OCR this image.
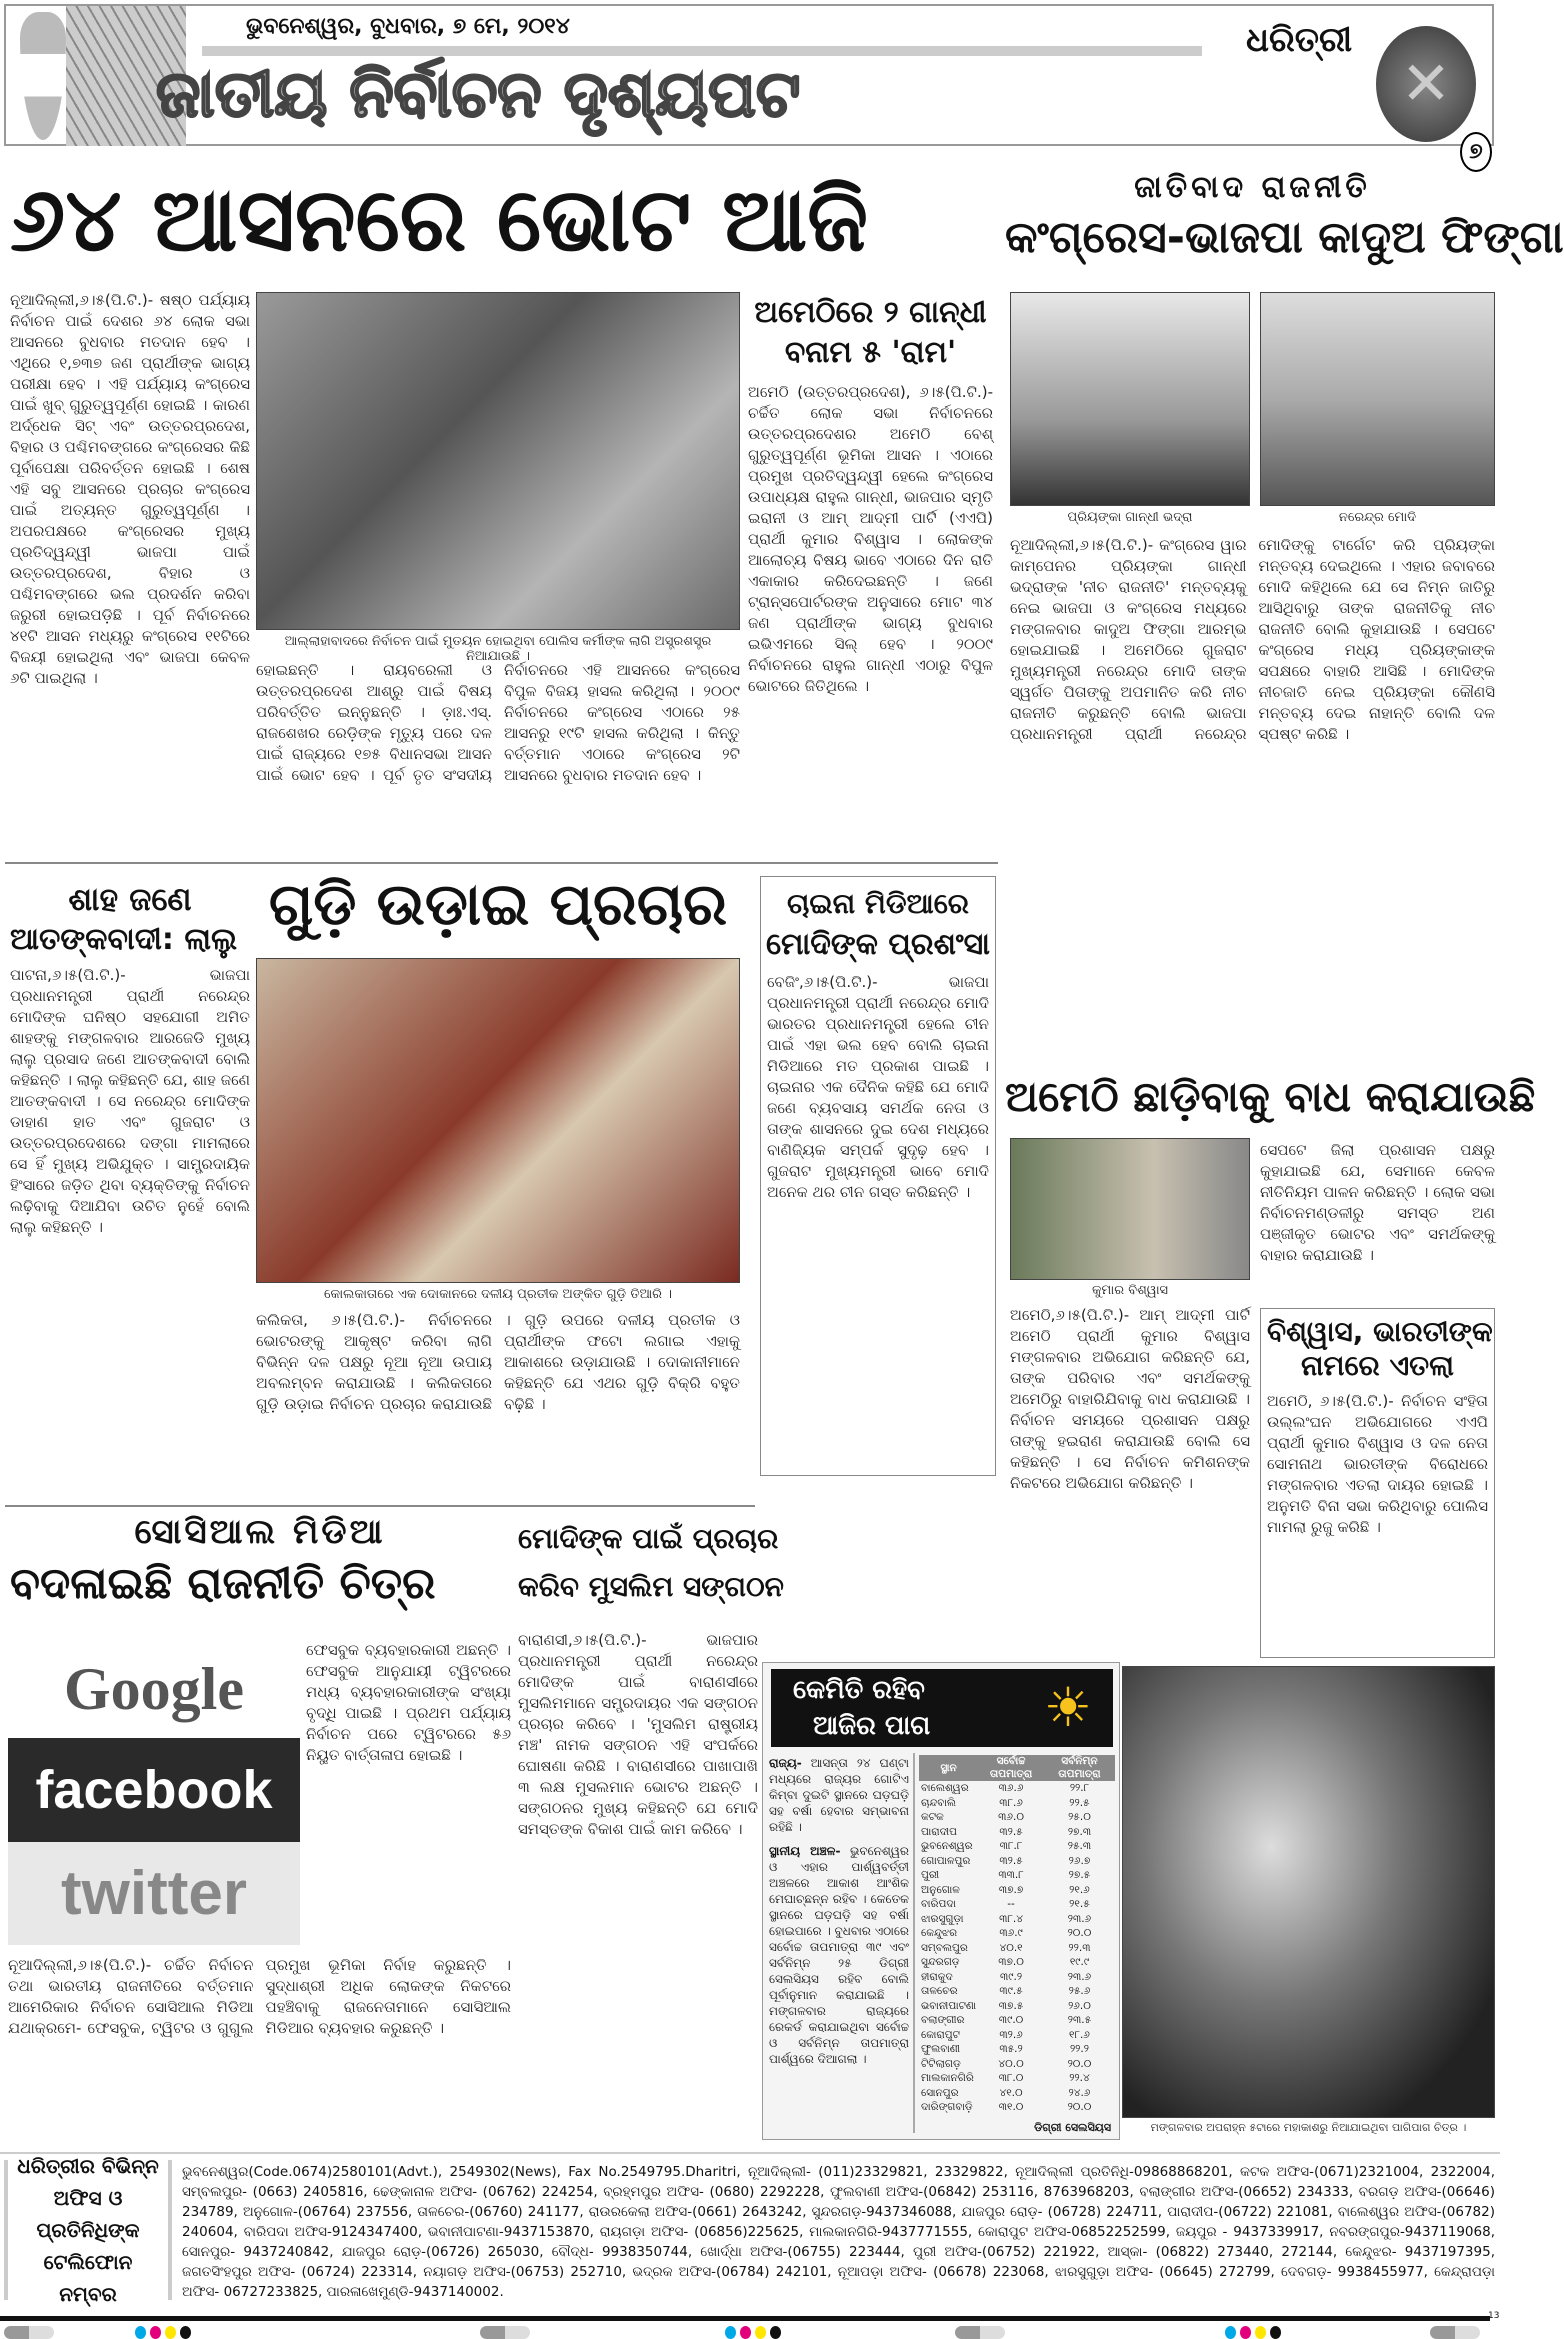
ଭୁବନେଶ୍ୱର, ବୁଧବାର, ୭ ମେ, ୨୦୧୪
ଜାତୀୟ ନିର୍ବାଚନ ଦୃଶ୍ୟପଟ
ଧରିତ୍ରୀ
✕
୭
୬୪ ଆସନରେ ଭୋଟ ଆଜି
ନୂଆଦିଲ୍ଲୀ,୬।୫(ପି.ଟି.)- ଷଷ୍ଠ ପର୍ଯ୍ୟାୟ ନିର୍ବାଚନ ପାଇଁ ଦେଶର ୬୪ ଲୋକ ସଭା ଆସନରେ ବୁଧବାର ମତଦାନ ହେବ । ଏଥିରେ ୧,୭୩୭ ଜଣ ପ୍ରାର୍ଥୀଙ୍କ ଭାଗ୍ୟ ପରୀକ୍ଷା ହେବ । ଏହି ପର୍ଯ୍ୟାୟ କଂଗ୍ରେସ ପାଇଁ ଖୁବ୍ ଗୁରୁତ୍ୱପୂର୍ଣ୍ଣ ହୋଇଛି । କାରଣ ଅର୍ଦ୍ଧେକ ସିଟ୍ ଏବଂ ଉତ୍ତରପ୍ରଦେଶ, ବିହାର ଓ ପଶ୍ଚିମବଙ୍ଗରେ କଂଗ୍ରେସର କିଛି ପୂର୍ବାପେକ୍ଷା ପରିବର୍ତ୍ତନ ହୋଇଛି । ଶେଷ ଏହି ସବୁ ଆସନରେ ପ୍ରଚାର କଂଗ୍ରେସ ପାଇଁ ଅତ୍ୟନ୍ତ ଗୁରୁତ୍ୱପୂର୍ଣ୍ଣ । ଅପରପକ୍ଷରେ କଂଗ୍ରେସର ମୁଖ୍ୟ ପ୍ରତିଦ୍ୱନ୍ଦ୍ୱୀ ଭାଜପା ପାଇଁ ଉତ୍ତରପ୍ରଦେଶ, ବିହାର ଓ ପଶ୍ଚିମବଙ୍ଗରେ ଭଲ ପ୍ରଦର୍ଶନ କରିବା ଜରୁରୀ ହୋଇପଡ଼ିଛି । ପୂର୍ବ ନିର୍ବାଚନରେ ୪୧ଟି ଆସନ ମଧ୍ୟରୁ କଂଗ୍ରେସ ୧୧ଟିରେ ବିଜୟୀ ହୋଇଥିଲା ଏବଂ ଭାଜପା କେବଳ ୬ଟି ପାଇଥିଲା ।
ଆଲ୍ଲାହାବାଦରେ ନିର୍ବାଚନ ପାଇଁ ମୁତୟନ ହୋଇଥିବା ପୋଲିସ କର୍ମୀଙ୍କ ଲାଗି ଅସ୍ତ୍ରଶସ୍ତ୍ର ନିଆଯାଉଛି ।
ହୋଇଛନ୍ତି । ରାୟବରେଲୀ ଓ ଉତ୍ତରପ୍ରଦେଶ ଆଶ୍ରୁ ପାଇଁ ବିଷୟ ପରିବର୍ତ୍ତିତ ଇନ୍ନୁଛନ୍ତି । ଡ଼ାଃ.ଏସ୍. ରାଜଶେଖର ରେଡ଼ିଙ୍କ ମୃତ୍ୟୁ ପରେ ଦଳ ପାଇଁ ରାଜ୍ୟରେ ୧୭୫ ବିଧାନସଭା ଆସନ ପାଇଁ ଭୋଟ ହେବ । ପୂର୍ବ ତୃତ ସଂସଦୀୟ ନିର୍ବାଚନରେ ଏହି ଆସନରେ କଂଗ୍ରେସ ବିପୁଳ ବିଜୟ ହାସଲ କରିଥିଲା । ୨୦୦୯ ନିର୍ବାଚନରେ କଂଗ୍ରେସ ଏଠାରେ ୨୫ ଆସନରୁ ୧୯ଟି ହାସଲ କରିଥିଲା । କିନ୍ତୁ ବର୍ତ୍ତମାନ ଏଠାରେ କଂଗ୍ରେସ ୨ଟି ଆସନରେ ବୁଧବାର ମତଦାନ ହେବ ।
ଅମେଠିରେ ୨ ଗାନ୍ଧୀ
ବନାମ ୫ 'ରାମ'
ଅମେଠି (ଉତ୍ତରପ୍ରଦେଶ), ୬।୫(ପି.ଟି.)- ଚର୍ଚ୍ଚିତ ଲୋକ ସଭା ନିର୍ବାଚନରେ ଉତ୍ତରପ୍ରଦେଶର ଅମେଠି ବେଶ୍ ଗୁରୁତ୍ୱପୂର୍ଣ୍ଣ ଭୂମିକା ଆସନ । ଏଠାରେ ପ୍ରମୁଖ ପ୍ରତିଦ୍ୱନ୍ଦ୍ୱୀ ହେଲେ କଂଗ୍ରେସ ଉପାଧ୍ୟକ୍ଷ ରାହୁଲ ଗାନ୍ଧୀ, ଭାଜପାର ସ୍ମୃତି ଇରାନୀ ଓ ଆମ୍ ଆଦ୍ମୀ ପାର୍ଟି (ଏଏପି) ପ୍ରାର୍ଥୀ କୁମାର ବିଶ୍ୱାସ । ଲୋକଙ୍କ ଆଲୋଚ୍ୟ ବିଷୟ ଭାବେ ଏଠାରେ ଦିନ ରାତି ଏକାକାର କରିଦେଇଛନ୍ତି । ଜଣେ ଟ୍ରାନ୍ସପୋର୍ଟରଙ୍କ ଅନୁସାରେ ମୋଟ ୩୪ ଜଣ ପ୍ରାର୍ଥୀଙ୍କ ଭାଗ୍ୟ ବୁଧବାର ଇଭିଏମରେ ସିଲ୍ ହେବ । ୨୦୦୯ ନିର୍ବାଚନରେ ରାହୁଲ ଗାନ୍ଧୀ ଏଠାରୁ ବିପୁଳ ଭୋଟରେ ଜିତିଥିଲେ ।
ଜାତିବାଦ ରାଜନୀତି
କଂଗ୍ରେସ-ଭାଜପା କାଦୁଅ ଫିଙ୍ଗା
ପ୍ରିୟଙ୍କା ଗାନ୍ଧୀ ଭଦ୍ରା	ନରେନ୍ଦ୍ର ମୋଦି
ନୂଆଦିଲ୍ଲୀ,୬।୫(ପି.ଟି.)- କଂଗ୍ରେସ ୱାର କାମ୍ପେନର ପ୍ରିୟଙ୍କା ଗାନ୍ଧୀ ଭଦ୍ରାଙ୍କ 'ନୀଚ ରାଜନୀତି' ମନ୍ତବ୍ୟକୁ ନେଇ ଭାଜପା ଓ କଂଗ୍ରେସ ମଧ୍ୟରେ ମଙ୍ଗଳବାର କାଦୁଅ ଫିଙ୍ଗା ଆରମ୍ଭ ହୋଇଯାଇଛି । ଅମେଠିରେ ଗୁଜରାଟ ମୁଖ୍ୟମନ୍ତ୍ରୀ ନରେନ୍ଦ୍ର ମୋଦି ତାଙ୍କ ସ୍ୱର୍ଗତ ପିତାଙ୍କୁ ଅପମାନିତ କରି ନୀଚ ରାଜନୀତି କରୁଛନ୍ତି ବୋଲି ଭାଜପା ପ୍ରଧାନମନ୍ତ୍ରୀ ପ୍ରାର୍ଥୀ ନରେନ୍ଦ୍ର ମୋଦିଙ୍କୁ ଟାର୍ଗେଟ କରି ପ୍ରିୟଙ୍କା ମନ୍ତବ୍ୟ ଦେଇଥିଲେ । ଏହାର ଜବାବରେ ମୋଦି କହିଥିଲେ ଯେ ସେ ନିମ୍ନ ଜାତିରୁ ଆସିଥିବାରୁ ତାଙ୍କ ରାଜନୀତିକୁ ନୀଚ ରାଜନୀତି ବୋଲି କୁହାଯାଉଛି । ସେପଟେ କଂଗ୍ରେସ ମଧ୍ୟ ପ୍ରିୟଙ୍କାଙ୍କ ସପକ୍ଷରେ ବାହାରି ଆସିଛି । ମୋଦିଙ୍କ ନୀଚଜାତି ନେଇ ପ୍ରିୟଙ୍କା କୌଣସି ମନ୍ତବ୍ୟ ଦେଇ ନାହାନ୍ତି ବୋଲି ଦଳ ସ୍ପଷ୍ଟ କରିଛି ।
ଶାହ ଜଣେ
ଆତଙ୍କବାଦୀ: ଲାଲୁ
ପାଟନା,୬।୫(ପି.ଟି.)- ଭାଜପା ପ୍ରଧାନମନ୍ତ୍ରୀ ପ୍ରାର୍ଥୀ ନରେନ୍ଦ୍ର ମୋଦିଙ୍କ ଘନିଷ୍ଠ ସହଯୋଗୀ ଅମିତ ଶାହଙ୍କୁ ମଙ୍ଗଳବାର ଆରଜେଡି ମୁଖ୍ୟ ଲାଲୁ ପ୍ରସାଦ ଜଣେ ଆତଙ୍କବାଦୀ ବୋଲି କହିଛନ୍ତି । ଲାଲୁ କହିଛନ୍ତି ଯେ, ଶାହ ଜଣେ ଆତଙ୍କବାଦୀ । ସେ ନରେନ୍ଦ୍ର ମୋଦିଙ୍କ ଡାହାଣ ହାତ ଏବଂ ଗୁଜରାଟ ଓ ଉତ୍ତରପ୍ରଦେଶରେ ଦଙ୍ଗା ମାମଲାରେ ସେ ହିଁ ମୁଖ୍ୟ ଅଭିଯୁକ୍ତ । ସାମ୍ପ୍ରଦାୟିକ ହିଂସାରେ ଜଡ଼ିତ ଥିବା ବ୍ୟକ୍ତିଙ୍କୁ ନିର୍ବାଚନ ଲଢ଼ିବାକୁ ଦିଆଯିବା ଉଚିତ ନୁହେଁ ବୋଲି ଲାଲୁ କହିଛନ୍ତି ।
ଗୁଡ଼ି ଉଡ଼ାଇ ପ୍ରଚାର
କୋଲକାତାରେ ଏକ ଦୋକାନରେ ଦଳୀୟ ପ୍ରତୀକ ଅଙ୍କିତ ଗୁଡ଼ି ତିଆରି ।
କଲିକତା, ୬।୫(ପି.ଟି.)- ନିର୍ବାଚନରେ ଭୋଟରଙ୍କୁ ଆକୃଷ୍ଟ କରିବା ଲାଗି ବିଭିନ୍ନ ଦଳ ପକ୍ଷରୁ ନୂଆ ନୂଆ ଉପାୟ ଅବଲମ୍ବନ କରାଯାଉଛି । କଲିକତାରେ ଗୁଡ଼ି ଉଡ଼ାଇ ନିର୍ବାଚନ ପ୍ରଚାର କରାଯାଉଛି । ଗୁଡ଼ି ଉପରେ ଦଳୀୟ ପ୍ରତୀକ ଓ ପ୍ରାର୍ଥୀଙ୍କ ଫଟୋ ଲଗାଇ ଏହାକୁ ଆକାଶରେ ଉଡ଼ାଯାଉଛି । ଦୋକାନୀମାନେ କହିଛନ୍ତି ଯେ ଏଥର ଗୁଡ଼ି ବିକ୍ରି ବହୁତ ବଢ଼ିଛି ।
ଚାଇନା ମିଡିଆରେ
ମୋଦିଙ୍କ ପ୍ରଶଂସା
ବେଜିଂ,୬।୫(ପି.ଟି.)- ଭାଜପା ପ୍ରଧାନମନ୍ତ୍ରୀ ପ୍ରାର୍ଥୀ ନରେନ୍ଦ୍ର ମୋଦି ଭାରତର ପ୍ରଧାନମନ୍ତ୍ରୀ ହେଲେ ଚୀନ ପାଇଁ ଏହା ଭଲ ହେବ ବୋଲି ଚାଇନା ମିଡିଆରେ ମତ ପ୍ରକାଶ ପାଇଛି । ଚାଇନାର ଏକ ଦୈନିକ କହିଛି ଯେ ମୋଦି ଜଣେ ବ୍ୟବସାୟ ସମର୍ଥକ ନେତା ଓ ତାଙ୍କ ଶାସନରେ ଦୁଇ ଦେଶ ମଧ୍ୟରେ ବାଣିଜ୍ୟିକ ସମ୍ପର୍କ ସୁଦୃଢ଼ ହେବ । ଗୁଜରାଟ ମୁଖ୍ୟମନ୍ତ୍ରୀ ଭାବେ ମୋଦି ଅନେକ ଥର ଚୀନ ଗସ୍ତ କରିଛନ୍ତି ।
ଅମେଠି ଛାଡ଼ିବାକୁ ବାଧ କରାଯାଉଛି
କୁମାର ବିଶ୍ୱାସ
ସେପଟେ ଜିଲା ପ୍ରଶାସନ ପକ୍ଷରୁ କୁହାଯାଇଛି ଯେ, ସେମାନେ କେବଳ ନୀତିନିୟମ ପାଳନ କରିଛନ୍ତି । ଲୋକ ସଭା ନିର୍ବାଚନମଣ୍ଡଳୀରୁ ସମସ୍ତ ଅଣ ପଞ୍ଜୀକୃତ ଭୋଟର ଏବଂ ସମର୍ଥକଙ୍କୁ ବାହାର କରାଯାଉଛି ।
ଅମେଠି,୬।୫(ପି.ଟି.)- ଆମ୍ ଆଦ୍ମୀ ପାର୍ଟି ଅମେଠି ପ୍ରାର୍ଥୀ କୁମାର ବିଶ୍ୱାସ ମଙ୍ଗଳବାର ଅଭିଯୋଗ କରିଛନ୍ତି ଯେ, ତାଙ୍କ ପରିବାର ଏବଂ ସମର୍ଥକଙ୍କୁ ଅମେଠିରୁ ବାହାରିଯିବାକୁ ବାଧ କରାଯାଉଛି । ନିର୍ବାଚନ ସମୟରେ ପ୍ରଶାସନ ପକ୍ଷରୁ ତାଙ୍କୁ ହଇରାଣ କରାଯାଉଛି ବୋଲି ସେ କହିଛନ୍ତି । ସେ ନିର୍ବାଚନ କମିଶନଙ୍କ ନିକଟରେ ଅଭିଯୋଗ କରିଛନ୍ତି ।
ବିଶ୍ୱାସ, ଭାରତୀଙ୍କ
ନାମରେ ଏତଲା
ଅମେଠି, ୬।୫(ପି.ଟି.)- ନିର୍ବାଚନ ସଂହିତା ଉଲ୍ଲଂଘନ ଅଭିଯୋଗରେ ଏଏପି ପ୍ରାର୍ଥୀ କୁମାର ବିଶ୍ୱାସ ଓ ଦଳ ନେତା ସୋମନାଥ ଭାରତୀଙ୍କ ବିରୋଧରେ ମଙ୍ଗଳବାର ଏତଲା ଦାୟର ହୋଇଛି । ଅନୁମତି ବିନା ସଭା କରିଥିବାରୁ ପୋଲିସ ମାମଲା ରୁଜୁ କରିଛି ।
ସୋସିଆଲ ମିଡିଆ
ବଦଳାଇଛି ରାଜନୀତି ଚିତ୍ର
Google
facebook
twitter
ଫେସବୁକ ବ୍ୟବହାରକାରୀ ଅଛନ୍ତି । ଫେସବୁକ ଆନୁଯାୟୀ ଟ୍ୱିଟରରେ ମଧ୍ୟ ବ୍ୟବହାରକାରୀଙ୍କ ସଂଖ୍ୟା ବୃଦ୍ଧି ପାଇଛି । ପ୍ରଥମ ପର୍ଯ୍ୟାୟ ନିର୍ବାଚନ ପରେ ଟ୍ୱିଟରରେ ୫୬ ନିୟୁତ ବାର୍ତ୍ତାଳାପ ହୋଇଛି ।
ନୂଆଦିଲ୍ଲୀ,୬।୫(ପି.ଟି.)- ଚର୍ଚ୍ଚିତ ନିର୍ବାଚନ ତଥା ଭାରତୀୟ ରାଜନୀତିରେ ବର୍ତ୍ତମାନ ଆମେରିକାର ନିର୍ବାଚନ ସୋସିଆଲ ମିଡିଆ ଯଥାକ୍ରମେ- ଫେସବୁକ, ଟ୍ୱିଟର ଓ ଗୁଗୁଲ ପ୍ରମୁଖ ଭୂମିକା ନିର୍ବାହ କରୁଛନ୍ତି । ସୁଦ୍ଧାଶ୍ରୀ ଅଧିକ ଲୋକଙ୍କ ନିକଟରେ ପହଞ୍ଚିବାକୁ ରାଜନେତାମାନେ ସୋସିଆଲ ମିଡିଆର ବ୍ୟବହାର କରୁଛନ୍ତି ।
ମୋଦିଙ୍କ ପାଇଁ ପ୍ରଚାର
କରିବ ମୁସଲିମ ସଙ୍ଗଠନ
ବାରାଣସୀ,୬।୫(ପି.ଟି.)- ଭାଜପାର ପ୍ରଧାନମନ୍ତ୍ରୀ ପ୍ରାର୍ଥୀ ନରେନ୍ଦ୍ର ମୋଦିଙ୍କ ପାଇଁ ବାରାଣସୀରେ ମୁସଲିମମାନେ ସମ୍ପ୍ରଦାୟର ଏକ ସଙ୍ଗଠନ ପ୍ରଚାର କରିବେ । 'ମୁସଲିମ ରାଷ୍ଟ୍ରୀୟ ମଞ୍ଚ' ନାମକ ସଙ୍ଗଠନ ଏହି ସଂପର୍କରେ ଘୋଷଣା କରିଛି । ବାରାଣସୀରେ ପାଖାପାଖି ୩ ଲକ୍ଷ ମୁସଲମାନ ଭୋଟର ଅଛନ୍ତି । ସଙ୍ଗଠନର ମୁଖ୍ୟ କହିଛନ୍ତି ଯେ ମୋଦି ସମସ୍ତଙ୍କ ବିକାଶ ପାଇଁ କାମ କରିବେ ।
କେମିତି ରହିବ
ଆଜିର ପାଗ ☀
ରାଜ୍ୟ- ଆସନ୍ତା ୨୪ ଘଣ୍ଟା ମଧ୍ୟରେ ରାଜ୍ୟର ଗୋଟିଏ କିମ୍ବା ଦୁଇଟି ସ୍ଥାନରେ ଘଡ଼ଘଡ଼ି ସହ ବର୍ଷା ହେବାର ସମ୍ଭାବନା ରହିଛି ।
ସ୍ଥାନୀୟ ଅଞ୍ଚଳ- ଭୁବନେଶ୍ୱର ଓ ଏହାର ପାର୍ଶ୍ୱବର୍ତ୍ତୀ ଅଞ୍ଚଳରେ ଆକାଶ ଆଂଶିକ ମେଘାଚ୍ଛନ୍ନ ରହିବ । କେତେକ ସ୍ଥାନରେ ଘଡ଼ଘଡ଼ି ସହ ବର୍ଷା ହୋଇପାରେ । ବୁଧବାର ଏଠାରେ ସର୍ବୋଚ୍ଚ ତାପମାତ୍ରା ୩୯ ଏବଂ ସର୍ବନିମ୍ନ ୨୫ ଡିଗ୍ରୀ ସେଲସିୟସ ରହିବ ବୋଲି ପୂର୍ବାନୁମାନ କରାଯାଇଛି । ମଙ୍ଗଳବାର ରାଜ୍ୟରେ ରେକର୍ଡ କରାଯାଇଥିବା ସର୍ବୋଚ୍ଚ ଓ ସର୍ବନିମ୍ନ ତାପମାତ୍ରା ପାର୍ଶ୍ୱରେ ଦିଆଗଲା ।
ସ୍ଥାନ	ସର୍ବୋଚ୍ଚ ତାପମାତ୍ରା	ସର୍ବନିମ୍ନ ତାପମାତ୍ରା
ବାଲେଶ୍ୱର	୩୬.୬	୨୨.୮
ଚାନ୍ଦବାଲି	୩୮.୬	୨୨.୫
କଟକ	୩୬.୦	୨୫.୦
ପାରାଦୀପ	୩୨.୫	୨୭.୩
ଭୁବନେଶ୍ୱର	୩୮.୮	୨୫.୩
ଗୋପାଳପୁର	୩୨.୫	୨୬.୭
ପୁରୀ	୩୩.୮	୨୭.୫
ଅନୁଗୋଳ	୩୭.୭	୨୧.୬
ବାରିପଦା	--	୨୧.୫
ଝାରସୁଗୁଡ଼ା	୩୮.୪	୨୩.୬
କେନ୍ଦୁଝର	୩୬.୯	୨୦.୦
ସମ୍ବଲପୁର	୪୦.୧	୨୨.୩
ସୁନ୍ଦରଗଡ଼	୩୭.୦	୧୯.୯
ହୀରାକୁଦ	୩୯.୨	୨୩.୬
ତାଳଚେର	୩୯.୫	୨୫.୬
ଭବାନୀପାଟଣା	୩୭.୫	୨୬.୦
ବଲାଙ୍ଗୀର	୩୯.୦	୨୩.୫
କୋରାପୁଟ	୩୨.୬	୧୮.୬
ଫୁଲବାଣୀ	୩୫.୨	୨୨.୨
ଟିଟିଲାଗଡ଼	୪୦.୦	୨୦.୦
ମାଲକାନଗିରି	୩୮.୦	୨୨.୪
ସୋନପୁର	୪୧.୦	୨୪.୬
ଦାରିଙ୍ଗବାଡ଼ି	୩୧.୦	୨୦.୦
ଡିଗ୍ରୀ ସେଲସିୟସ	ମଙ୍ଗଳବାର ଅପରାହ୍ନ ୫ଟାରେ ମହାକାଶରୁ ନିଆଯାଇଥିବା ପାଗିପାଗ ଚିତ୍ର ।
ଧରିତ୍ରୀର ବିଭିନ୍ନ ଅଫିସ ଓ ପ୍ରତିନିଧିଙ୍କ ଟେଲିଫୋନ ନମ୍ବର
ଭୁବନେଶ୍ୱର(Code.0674)2580101(Advt.), 2549302(News), Fax No.2549795.Dharitri, ନୂଆଦିଲ୍ଲୀ- (011)23329821, 23329822, ନୂଆଦିଲ୍ଲୀ ପ୍ରତିନିଧି-09868868201, କଟକ ଅଫିସ-(0671)2321004, 2322004, ସମ୍ବଲପୁର- (0663) 2405816, ଢେଙ୍କାନାଳ ଅଫିସ- (06762) 224254, ବ୍ରହ୍ମପୁର ଅଫିସ- (0680) 2292228, ଫୁଲବାଣୀ ଅଫିସ-(06842) 253116, 8763968203, ବଲାଙ୍ଗୀର ଅଫିସ-(06652) 234333, ବରଗଡ଼ ଅଫିସ-(06646) 234789, ଅନୁଗୋଳ-(06764) 237556, ତାଳଚେର-(06760) 241177, ରାଉରକେଲା ଅଫିସ-(0661) 2643242, ସୁନ୍ଦରଗଡ଼-9437346088, ଯାଜପୁର ରୋଡ଼- (06728) 224711, ପାରାଦୀପ-(06722) 221081, ବାଲେଶ୍ୱର ଅଫିସ-(06782) 240604, ବାରିପଦା ଅଫିସ-9124347400, ଭବାନୀପାଟଣା-9437153870, ରାୟଗଡ଼ା ଅଫିସ- (06856)225625, ମାଲକାନଗିରି-9437771555, କୋରାପୁଟ ଅଫିସ-06852252599, ଜୟପୁର - 9437339917, ନବରଙ୍ଗପୁର-9437119068, ସୋନପୁର- 9437240842, ଯାଜପୁର ରୋଡ଼-(06726) 265030, ବୌଦ୍ଧ- 9938350744, ଖୋର୍ଦ୍ଧା ଅଫିସ-(06755) 223444, ପୁରୀ ଅଫିସ-(06752) 221922, ଆସ୍କା- (06822) 273440, 272144, କେନ୍ଦୁଝର- 9437197395, ଜଗତସିଂହପୁର ଅଫିସ- (06724) 223314, ନୟାଗଡ଼ ଅଫିସ-(06753) 252710, ଭଦ୍ରକ ଅଫିସ-(06784) 242101, ନୂଆପଡ଼ା ଅଫିସ- (06678) 223068, ଝାରସୁଗୁଡ଼ା ଅଫିସ- (06645) 272799, ଦେବଗଡ଼- 9938455977, କେନ୍ଦ୍ରାପଡ଼ା ଅଫିସ- 06727233825, ପାରଳାଖେମୁଣ୍ଡି-9437140002.
13
